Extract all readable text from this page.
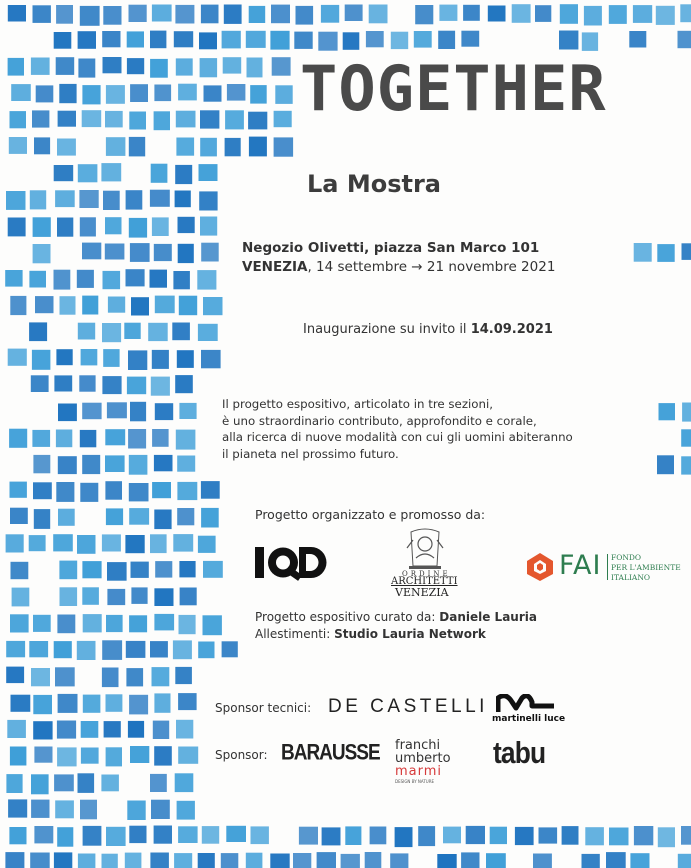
TOGETHER
La Mostra
Negozio Olivetti, piazza San Marco 101
VENEZIA, 14 settembre → 21 novembre 2021
Inaugurazione su invito il 14.09.2021
Il progetto espositivo, articolato in tre sezioni,
è uno straordinario contributo, approfondito e corale,
alla ricerca di nuove modalità con cui gli uomini abiteranno
il pianeta nel prossimo futuro.
Progetto organizzato e promosso da:
ORDINE
ARCHITETTI
VENEZIA
FAI FONDO
PER L'AMBIENTE
ITALIANO
Progetto espositivo curato da: Daniele Lauria
Allestimenti: Studio Lauria Network
Sponsor tecnici: DE CASTELLI
martinelli luce
Sponsor: BARAUSSE franchi
umberto
marmi
DESIGN BY NATURE
tabu
